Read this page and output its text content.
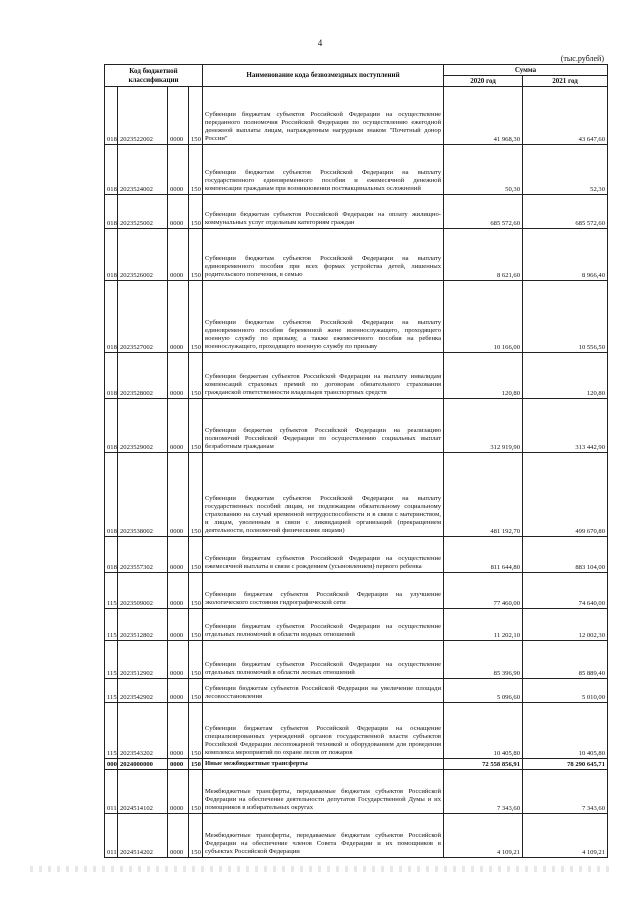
4
(тыс.рублей)
Код бюджетной классификации				Наименование кода безвозмездных поступлений	Сумма	
					2020 год	2021 год
018	2023522002	0000	150	Субвенции бюджетам субъектов Российской Федерации на осуществление переданного полномочия Российской Федерации по осуществлению ежегодной денежной выплаты лицам, награжденным нагрудным знаком "Почетный донор России"	41 968,30	43 647,60
018	2023524002	0000	150	Субвенции бюджетам субъектов Российской Федерации на выплату государственного единовременного пособия и ежемесячной денежной компенсации гражданам при возникновении поствакцинальных осложнений	50,30	52,30
018	2023525002	0000	150	Субвенции бюджетам субъектов Российской Федерации на оплату жилищно-коммунальных услуг отдельным категориям граждан	685 572,60	685 572,60
018	2023526002	0000	150	Субвенции бюджетам субъектов Российской Федерации на выплату единовременного пособия при всех формах устройства детей, лишенных родительского попечения, в семью	8 621,60	8 966,40
018	2023527002	0000	150	Субвенции бюджетам субъектов Российской Федерации на выплату единовременного пособия беременной жене военнослужащего, проходящего военную службу по призыву, а также ежемесячного пособия на ребенка военнослужащего, проходящего военную службу по призыву	10 166,00	10 556,50
018	2023528002	0000	150	Субвенции бюджетам субъектов Российской Федерации на выплату инвалидам компенсаций страховых премий по договорам обязательного страхования гражданской ответственности владельцев транспортных средств	120,80	120,80
018	2023529002	0000	150	Субвенции бюджетам субъектов Российской Федерации на реализацию полномочий Российской Федерации по осуществлению социальных выплат безработным гражданам	312 919,90	313 442,90
018	2023538002	0000	150	Субвенции бюджетам субъектов Российской Федерации на выплату государственных пособий лицам, не подлежащим обязательному социальному страхованию на случай временной нетрудоспособности и в связи с материнством, и лицам, уволенным в связи с ликвидацией организаций (прекращением деятельности, полномочий физическими лицами)	481 192,70	499 670,80
018	2023557302	0000	150	Субвенции бюджетам субъектов Российской Федерации на осуществление ежемесячной выплаты в связи с рождением (усыновлением) первого ребенка	811 644,80	883 104,00
115	2023509002	0000	150	Субвенции бюджетам субъектов Российской Федерации на улучшение экологического состояния гидрографической сети	77 460,00	74 640,00
115	2023512802	0000	150	Субвенции бюджетам субъектов Российской Федерации на осуществление отдельных полномочий в области водных отношений	11 202,10	12 002,30
115	2023512902	0000	150	Субвенции бюджетам субъектов Российской Федерации на осуществление отдельных полномочий в области лесных отношений	85 396,90	85 889,40
115	2023542902	0000	150	Субвенции бюджетам субъектов Российской Федерации на увеличение площади лесовосстановления	5 096,60	5 010,00
115	2023543202	0000	150	Субвенции бюджетам субъектов Российской Федерации на оснащение специализированных учреждений органов государственной власти субъектов Российской Федерации лесопожарной техникой и оборудованием для проведения комплекса мероприятий по охране лесов от пожаров	10 405,80	10 405,80
000	2024000000	0000	150	Иные межбюджетные трансферты	72 558 856,91	78 290 645,71
011	2024514102	0000	150	Межбюджетные трансферты, передаваемые бюджетам субъектов Российской Федерации на обеспечение деятельности депутатов Государственной Думы и их помощников в избирательных округах	7 343,60	7 343,60
011	2024514202	0000	150	Межбюджетные трансферты, передаваемые бюджетам субъектов Российской Федерации на обеспечение членов Совета Федерации и их помощников в субъектах Российской Федерации	4 109,21	4 109,21
